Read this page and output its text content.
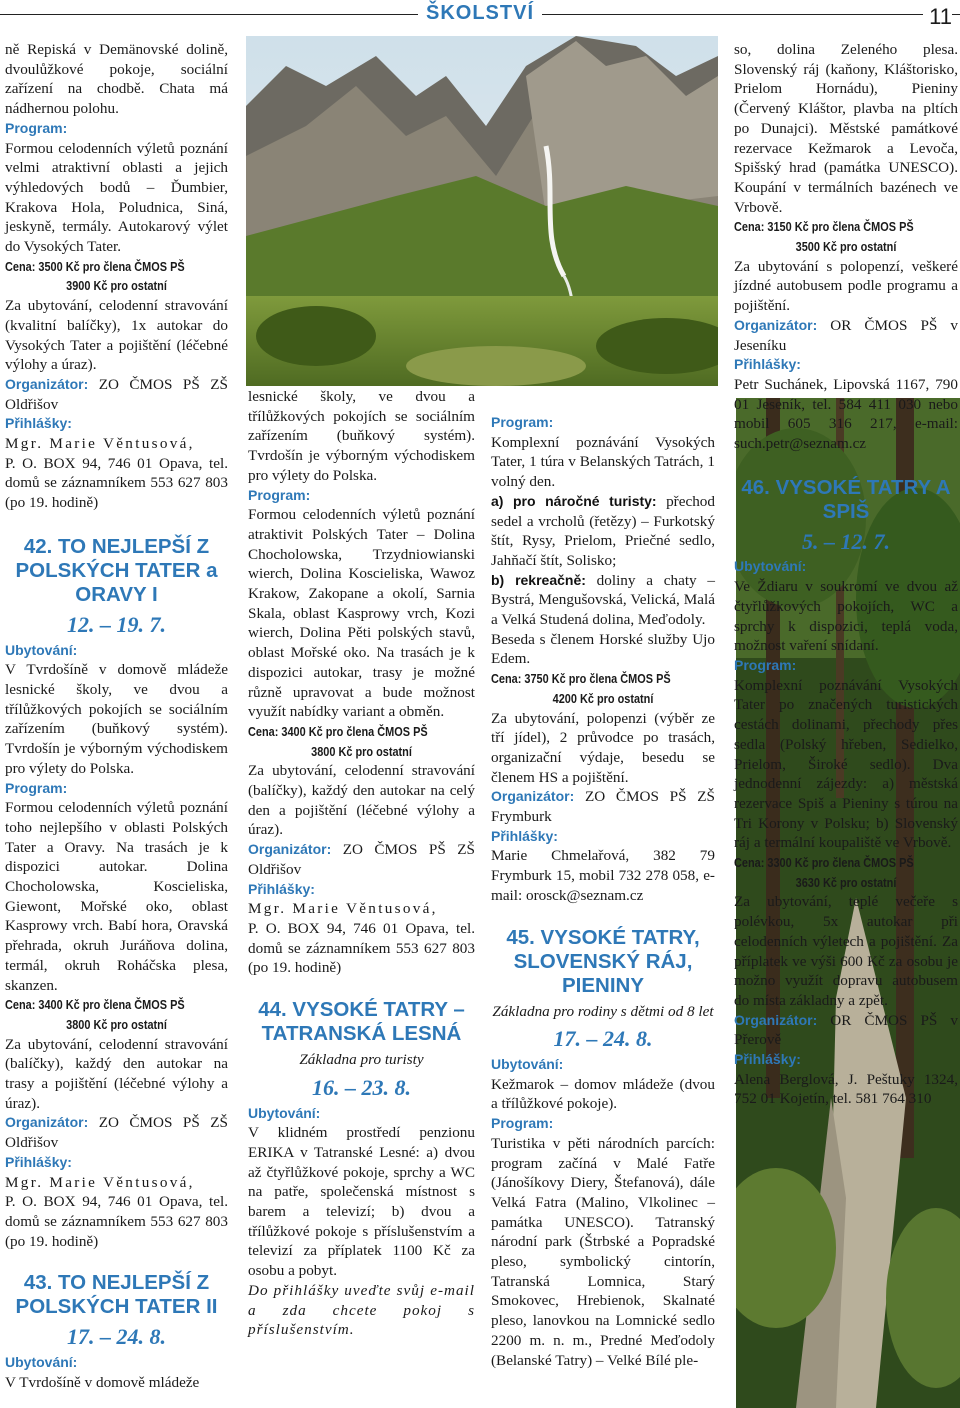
ŠKOLSTVÍ	11

ně Repiská v Demänovské dolině, dvoulůžkové pokoje, sociální zařízení na chodbě. Chata má nádhernou polohu.

Program:

Formou celodenních výletů poznání velmi atraktivní oblasti a jejich výhledových bodů – Ďumbier, Krakova Hola, Poludnica, Siná, jeskyně, termály. Autokarový výlet do Vysokých Tater.

Cena: 3500 Kč pro člena ČMOS PŠ
3900 Kč pro ostatní

Za ubytování, celodenní stravování (kvalitní balíčky), 1x autokar do Vysokých Tater a pojištění (léčebné výlohy a úraz).

Organizátor: ZO ČMOS PŠ ZŠ Oldřišov

Přihlášky:

Mgr. Marie Věntusová,

P. O. BOX 94, 746 01 Opava, tel. domů se záznamníkem 553 627 803 (po 19. hodině)

42. TO NEJLEPŠÍ Z POLSKÝCH TATER a ORAVY I
12. – 19. 7.

Ubytování:

V Tvrdošíně v domově mládeže lesnické školy, ve dvou a třílůžkových pokojích se sociálním zařízením (buňkový systém). Tvrdošín je výborným východiskem pro výlety do Polska.

Program:

Formou celodenních výletů poznání toho nejlepšího v oblasti Polských Tater a Oravy. Na trasách je k dispozici autokar. Dolina Chocholowska, Koscieliska, Giewont, Mořské oko, oblast Kasprowy vrch. Babí hora, Oravská přehrada, okruh Juráňova dolina, termál, okruh Roháčska plesa, skanzen.

Cena: 3400 Kč pro člena ČMOS PŠ
3800 Kč pro ostatní

Za ubytování, celodenní stravování (balíčky), každý den autokar na trasy a pojištění (léčebné výlohy a úraz).

Organizátor: ZO ČMOS PŠ ZŠ Oldřišov

Přihlášky:

Mgr. Marie Věntusová,

P. O. BOX 94, 746 01 Opava, tel. domů se záznamníkem 553 627 803 (po 19. hodině)

43. TO NEJLEPŠÍ Z POLSKÝCH TATER II
17. – 24. 8.

Ubytování:

V Tvrdošíně v domově mládeže

lesnické školy, ve dvou a třílůžkových pokojích se sociálním zařízením (buňkový systém). Tvrdošín je výborným východiskem pro výlety do Polska.

Program:

Formou celodenních výletů poznání atraktivit Polských Tater – Dolina Chocholowska, Trzydniowianski wierch, Dolina Koscieliska, Wawoz Krakow, Zakopane a okolí, Sarnia Skala, oblast Kasprowy vrch, Kozi wierch, Dolina Pěti polských stavů, oblast Mořské oko. Na trasách je k dispozici autokar, trasy je možné různě upravovat a bude možnost využít nabídky variant a obměn.

Cena: 3400 Kč pro člena ČMOS PŠ
3800 Kč pro ostatní

Za ubytování, celodenní stravování (balíčky), každý den autokar na celý den a pojištění (léčebné výlohy a úraz).

Organizátor: ZO ČMOS PŠ ZŠ Oldřišov

Přihlášky:

Mgr. Marie Věntusová,

P. O. BOX 94, 746 01 Opava, tel. domů se záznamníkem 553 627 803 (po 19. hodině)

44. VYSOKÉ TATRY – TATRANSKÁ LESNÁ
Základna pro turisty
16. – 23. 8.

Ubytování:

V klidném prostředí penzionu ERIKA v Tatranské Lesné: a) dvou až čtyřlůžkové pokoje, sprchy a WC na patře, společenská místnost s barem a televizí; b) dvou a třílůžkové pokoje s příslušenstvím a televizí za příplatek 1100 Kč za osobu a pobyt.

Do přihlášky uveďte svůj e-mail a zda chcete pokoj s příslušenstvím.

Program:

Komplexní poznávání Vysokých Tater, 1 túra v Belanských Tatrách, 1 volný den.

a) pro náročné turisty: přechod sedel a vrcholů (řetězy) – Furkotský štít, Rysy, Prielom, Priečné sedlo, Jahňačí štít, Solisko;

b) rekreačně: doliny a chaty – Bystrá, Mengušovská, Velická, Malá a Velká Studená dolina, Meďodoly.

Beseda s členem Horské služby Ujo Edem.

Cena: 3750 Kč pro člena ČMOS PŠ
4200 Kč pro ostatní

Za ubytování, polopenzi (výběr ze tří jídel), 2 průvodce po trasách, organizační výdaje, besedu se členem HS a pojištění.

Organizátor: ZO ČMOS PŠ ZŠ Frymburk

Přihlášky:

Marie Chmelařová, 382 79 Frymburk 15, mobil 732 278 058, e-mail: orosck@seznam.cz

45. VYSOKÉ TATRY, SLOVENSKÝ RÁJ, PIENINY
Základna pro rodiny s dětmi od 8 let
17. – 24. 8.

Ubytování:

Kežmarok – domov mládeže (dvou a třílůžkové pokoje).

Program:

Turistika v pěti národních parcích: program začíná v Malé Fatře (Jánošíkovy Diery, Štefanová), dále Velká Fatra (Malino, Vlkolinec – památka UNESCO). Tatranský národní park (Štrbské a Popradské pleso, symbolický cintorín, Tatranská Lomnica, Starý Smokovec, Hrebienok, Skalnaté pleso, lanovkou na Lomnické sedlo 2200 m. n. m., Predné Meďodoly (Belanské Tatry) – Velké Bílé ple-

so, dolina Zeleného plesa. Slovenský ráj (kaňony, Kláštorisko, Prielom Hornádu), Pieniny (Červený Kláštor, plavba na pltích po Dunajci). Městské památkové rezervace Kežmarok a Levoča, Spišský hrad (památka UNESCO). Koupání v termálních bazénech ve Vrbově.

Cena: 3150 Kč pro člena ČMOS PŠ
3500 Kč pro ostatní

Za ubytování s polopenzí, veškeré jízdné autobusem podle programu a pojištění.

Organizátor: OR ČMOS PŠ v Jeseníku

Přihlášky:

Petr Suchánek, Lipovská 1167, 790 01 Jeseník, tel. 584 411 030 nebo mobil 605 316 217, e-mail: such.petr@seznam.cz

46. VYSOKÉ TATRY A SPIŠ
5. – 12. 7.

Ubytování:

Ve Ždiaru v soukromí ve dvou až čtyřlůžkových pokojích, WC a sprchy k dispozici, teplá voda, možnost vaření snídaní.

Program:

Komplexní poznávání Vysokých Tater po značených turistických cestách dolinami, přechody přes sedla (Polský hřeben, Sedielko, Prielom, Široké sedlo). Dva jednodenní zájezdy: a) městská rezervace Spiš a Pieniny s túrou na Tri Korony v Polsku; b) Slovenský ráj a termální koupaliště ve Vrbově.

Cena: 3300 Kč pro člena ČMOS PŠ
3630 Kč pro ostatní

Za ubytování, teplé večeře s polévkou, 5x autokar při celodenních výletech a pojištění. Za příplatek ve výši 600 Kč za osobu je možno využít dopravu autobusem do místa základny a zpět.

Organizátor: OR ČMOS PŠ v Přerově

Přihlášky:

Alena Berglová, J. Peštuky 1324, 752 01 Kojetín, tel. 581 764 310
